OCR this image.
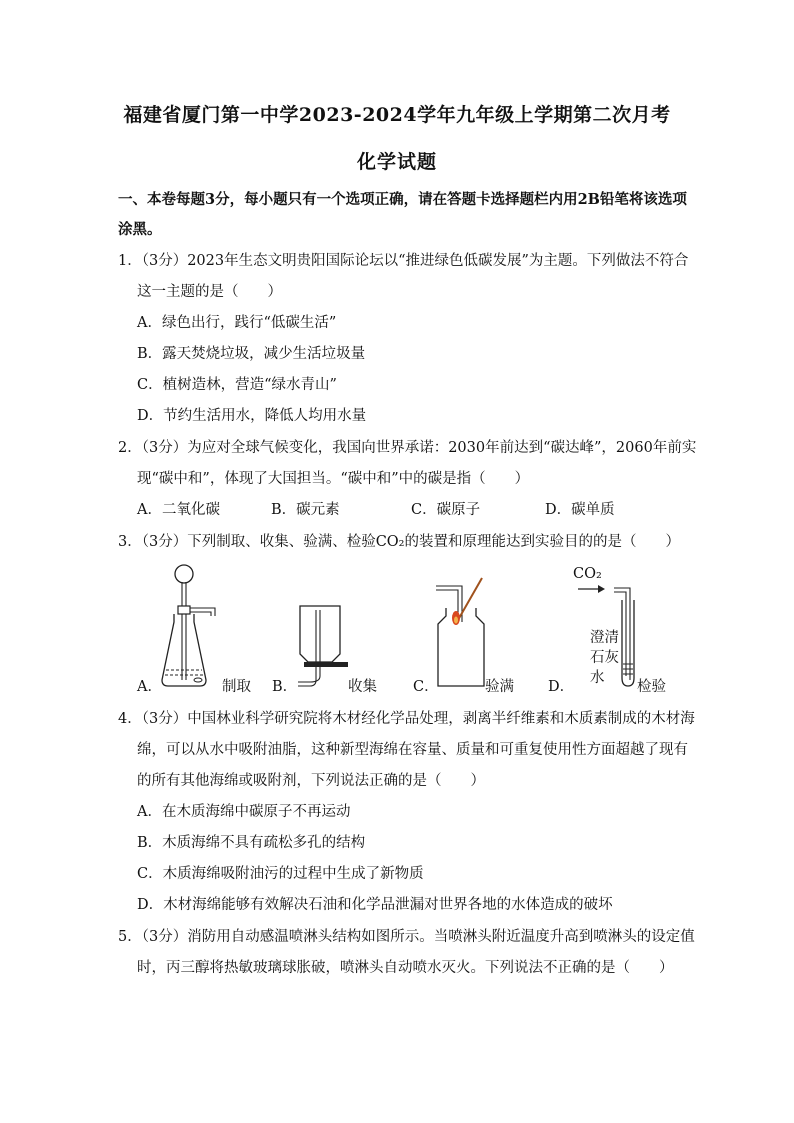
福建省厦门第一中学2023-2024学年九年级上学期第二次月考
化学试题
一、本卷每题3分，每小题只有一个选项正确，请在答题卡选择题栏内用2B铅笔将该选项
涂黑。
1．（3分）2023年生态文明贵阳国际论坛以“推进绿色低碳发展”为主题。下列做法不符合
这一主题的是（　　）
A．绿色出行，践行“低碳生活”
B．露天焚烧垃圾，减少生活垃圾量
C．植树造林，营造“绿水青山”
D．节约生活用水，降低人均用水量
2．（3分）为应对全球气候变化，我国向世界承诺：2030年前达到“碳达峰”，2060年前实
现“碳中和”，体现了大国担当。“碳中和”中的碳是指（　　）
A．二氧化碳	B．碳元素	C．碳原子	D．碳单质
3．（3分）下列制取、收集、验满、检验CO₂的装置和原理能达到实验目的的是（　　）
A．	制取 B．	收集 C．	验满 D．
CO₂
澄清
石灰
水
检验
4．（3分）中国林业科学研究院将木材经化学品处理，剥离半纤维素和木质素制成的木材海
绵，可以从水中吸附油脂，这种新型海绵在容量、质量和可重复使用性方面超越了现有
的所有其他海绵或吸附剂，下列说法正确的是（　　）
A．在木质海绵中碳原子不再运动
B．木质海绵不具有疏松多孔的结构
C．木质海绵吸附油污的过程中生成了新物质
D．木材海绵能够有效解决石油和化学品泄漏对世界各地的水体造成的破坏
5．（3分）消防用自动感温喷淋头结构如图所示。当喷淋头附近温度升高到喷淋头的设定值
时，丙三醇将热敏玻璃球胀破，喷淋头自动喷水灭火。下列说法不正确的是（　　）
